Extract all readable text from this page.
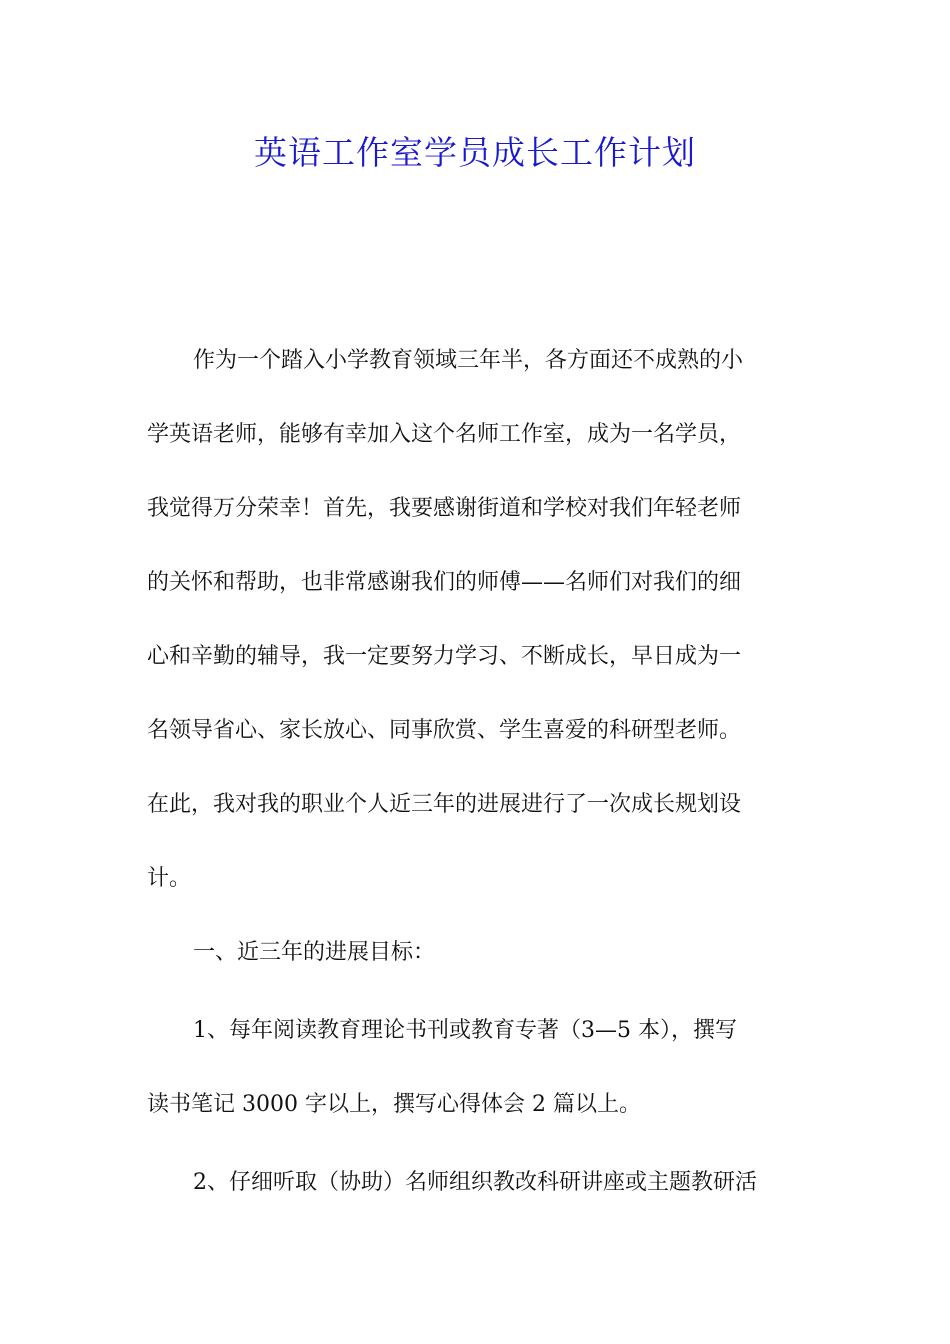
英语工作室学员成长工作计划
作为一个踏入小学教育领域三年半，各方面还不成熟的小
学英语老师，能够有幸加入这个名师工作室，成为一名学员，
我觉得万分荣幸！首先，我要感谢街道和学校对我们年轻老师
的关怀和帮助，也非常感谢我们的师傅——名师们对我们的细
心和辛勤的辅导，我一定要努力学习、不断成长，早日成为一
名领导省心、家长放心、同事欣赏、学生喜爱的科研型老师。
在此，我对我的职业个人近三年的进展进行了一次成长规划设
计。
一、近三年的进展目标：
1、每年阅读教育理论书刊或教育专著（3—5 本），撰写
读书笔记 3000 字以上，撰写心得体会 2 篇以上。
2、仔细听取（协助）名师组织教改科研讲座或主题教研活
